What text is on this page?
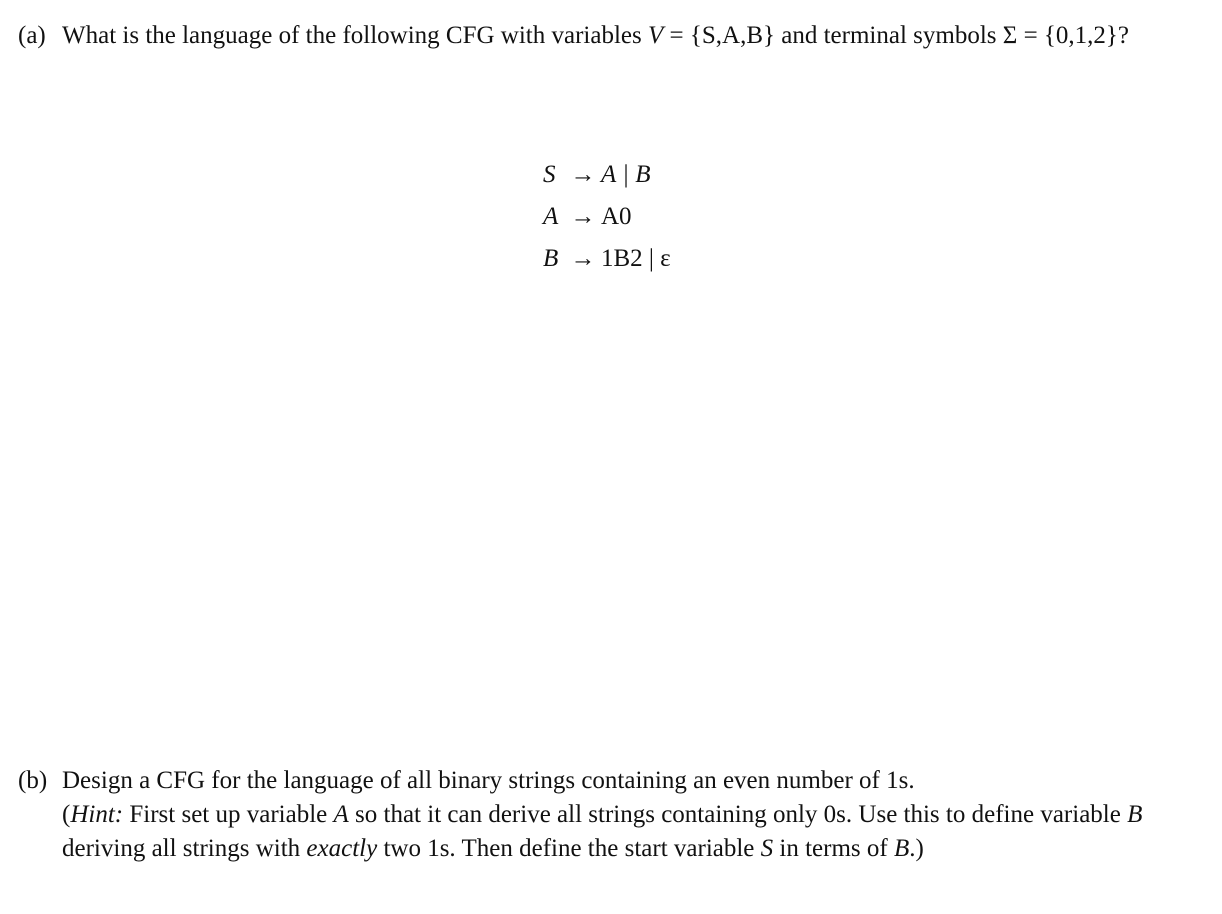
(a) What is the language of the following CFG with variables V = {S,A,B} and terminal symbols Σ = {0,1,2}?
S → A | B
A → A0
B → 1B2 | ε
(b) Design a CFG for the language of all binary strings containing an even number of 1s.
(Hint: First set up variable A so that it can derive all strings containing only 0s. Use this to define variable B deriving all strings with exactly two 1s. Then define the start variable S in terms of B.)
